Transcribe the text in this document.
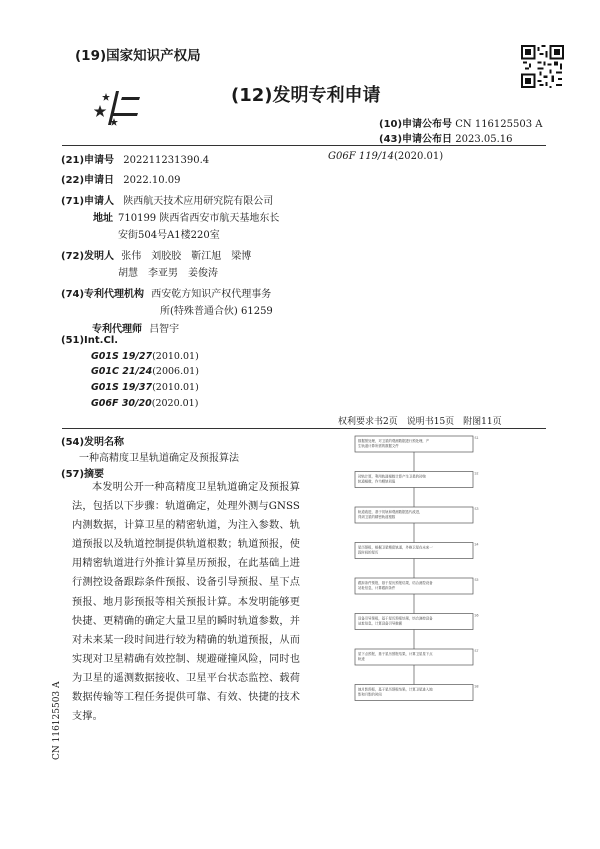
(19)国家知识产权局
(12)发明专利申请
(10)申请公布号 CN 116125503 A
(43)申请公布日 2023.05.16
(21)申请号 202211231390.4
(22)申请日 2022.10.09
G06F 119/14(2020.01)
(71)申请人 陕西航天技术应用研究院有限公司
地址 710199 陕西省西安市航天基地东长
安街504号A1楼220室
(72)发明人 张伟　刘胶胶　靳江旭　梁博
胡慧　李亚男　姜俊涛
(74)专利代理机构 西安乾方知识产权代理事务
所(特殊普通合伙) 61259
专利代理师 吕智宇
(51)Int.Cl.
G01S 19/27(2010.01)
G01C 21/24(2006.01)
G01S 19/37(2010.01)
G06F 30/20(2020.01)
权利要求书2页　说明书15页　附图11页
(54)发明名称
一种高精度卫星轨道确定及预报算法
(57)摘要
本发明公开一种高精度卫星轨道确定及预报算法，包括以下步骤：轨道确定，处理外测与GNSS内测数据，计算卫星的精密轨道，为注入参数、轨道预报以及轨道控制提供轨道根数；轨道预报，使用精密轨道进行外推计算星历预报，在此基础上进行测控设备跟踪条件预报、设备引导预报、星下点预报、地月影预报等相关预报计算。本发明能够更快捷、更精确的确定大量卫星的瞬时轨道参数，并对未来某一段时间进行较为精确的轨道预报，从而实现对卫星精确有效控制、规避碰撞风险，同时也为卫星的遥测数据接收、卫星平台状态监控、载荷数据传输等工程任务提供可靠、有效、快捷的技术支撑。
CN 116125503 A
数据预处理，对卫星的观测数据进行预处理，产
生轨道计算所需的数据文件
S1
初轨计算，利用轨道根数计算产生卫星的初始
轨道根数，作为精轨初值
S2
轨道改进，基于初轨和观测数据迭代改进，
得到卫星的精密轨道根数
S3
星历预报，根据卫星精密轨道，外推卫星在未来一
段时间的星历
S4
跟踪条件预报，基于星历预报结果，结合测控设备
站址信息，计算跟踪条件
S5
设备引导预报，基于星历预报结果，结合测控设备
站址信息，计算设备引导数据
S6
星下点预报，基于星历预报结果，计算卫星星下点
轨迹
S7
地月影预报，基于星历预报结果，计算卫星进入地
影和月影的时间
S8
